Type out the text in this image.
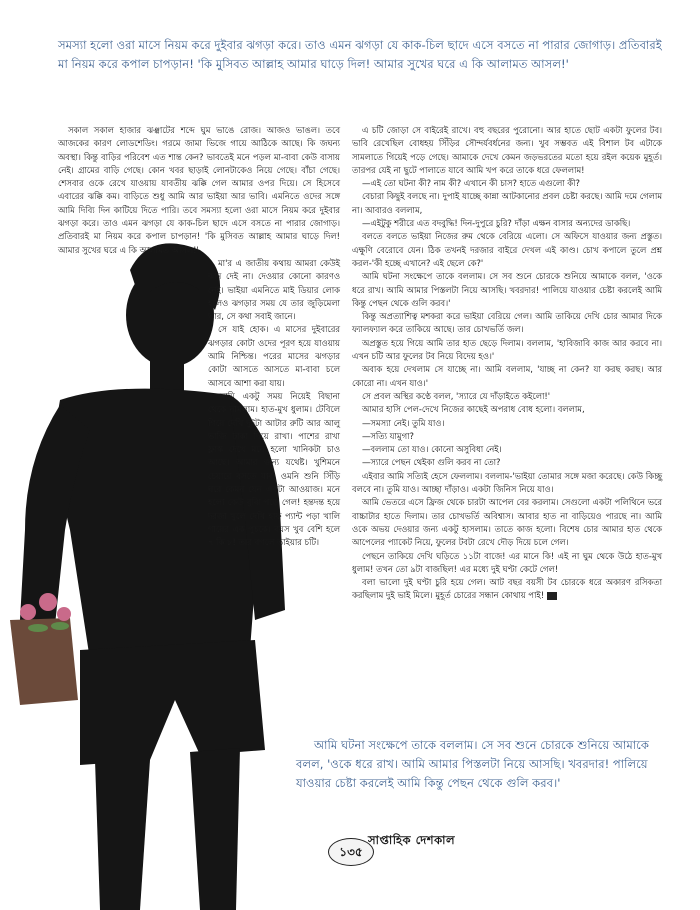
সমস্যা হলো ওরা মাসে নিয়ম করে দুইবার ঝগড়া করে। তাও এমন ঝগড়া যে কাক-চিল ছাদে এসে বসতে না পারার জোগাড়। প্রতিবারই মা নিয়ম করে কপাল চাপড়ান! 'কি মুসিবত আল্লাহ আমার ঘাড়ে দিল! আমার সুখের ঘরে এ কি আলামত আসল!'

সকাল সকাল হাজার ঝঞ্ঝাটের শব্দে ঘুম ভাঙে রোজ। আজও ভাঙল। তবে আজকের কারণ লোডশেডিং। গরমে জামা ভিজে গায়ে আঠিকে আছে। কি জঘন্য অবস্থা। কিন্তু বাড়ির পরিবেশ এত শান্ত কেন? ভাবতেই মনে পড়ল মা-বাবা কেউ বাসায় নেই। গ্রামের বাড়ি গেছে। কোন খবর ছাড়াই লোনটাকেও নিয়ে গেছে। বাঁচা গেছে। শেসবার ওকে রেখে যাওয়ায় যাবতীয় ঝক্কি গেল আমার ওপর দিয়ে। সে হিসেবে এবারের ঝক্কি কম। বাড়িতে শুধু আমি আর ভাইয়া আর ভাবি। এমনিতে ওদের সঙ্গে আমি দিব্যি দিন কাটিয়ে দিতে পারি। তবে সমস্যা হলো ওরা মাসে নিয়ম করে দুইবার ঝগড়া করে। তাও এমন ঝগড়া যে কাক-চিল ছাদে এসে বসতে না পারার জোগাড়। প্রতিবারই মা নিয়ম করে কপাল চাপড়ান! 'কি মুসিবত আল্লাহ আমার ঘাড়ে দিল! আমার সুখের ঘরে এ কি আলামত আসল!'

মা'র এ জাতীয় কথায় আমরা কেউই কান দেই না। দেওয়ার কোনো কারণও নেই। ভাইয়া এমনিতে মাই ডিয়ার লোক হলেও ঝগড়ার সময় যে তার জুড়িমেলা ভার, সে কথা সবাই জানে।

সে যাই হোক। এ মাসের দুইবারের ঝগড়ার কোটা ওদের পূরণ হয়ে যাওয়ায় আমি নিশ্চিন্ত। পরের মাসের ঝগড়ার কোটা আসতে আসতে মা-বাবা চলে আসবে আশা করা যায়।

আমি একটু সময় নিয়েই বিছানা থেকে নামলাম। হাত-মুখ ধুলাম। টেবিলে গিয়ে দেখি দুইটা আটার রুটি আর আলু ভাজি ঢাকা দিয়ে রাখা। পাশের রাখা ফ্লাস্ক দেখে মনে হলো খানিকটা চাও আছে। আমার জন্য যথেষ্ট। খুশিমনে চেয়ারে বসতে যাব, ওমনি শুনি সিঁড়ি ঘরে কেমন যেন একটা আওয়াজ। মনে হলো কেউ বুঝি পড়ে গেল! হন্তদন্ত হয়ে দরজা খুলে দেখি হাফ প্যান্ট পড়া খালি গায়ের এক পুচকে। বয়স খুব বেশি হলে ৭ কি ৮! তার বগলে ভাইয়ার চটি।

এ চটি জোড়া সে বাইরেই রাখে। বহু বছরের পুরোনো। আর হাতে ছোট একটা ফুলের টব। ভাবি রেখেছিল বোধহয় সিঁড়ির সৌন্দর্যবর্ধনের জন্য। খুব সম্ভবত এই বিশাল টব এটাকে সামলাতে গিয়েই পড়ে গেছে। আমাকে দেখে কেমন জড়ভরতের মতো হয়ে রইল কয়েক মুহূর্ত। তারপর যেই না ছুটে পালাতে যাবে আমি খপ করে তাকে ধরে ফেললাম!

—এই তো ঘটনা কী? নাম কী? এখানে কী চাস? হাতে এগুলো কী?

বেচারা কিছুই বলছে না। দুপাই যাচ্ছে কান্না আটকানোর প্রবল চেষ্টা করছে। আমি দমে গেলাম না। আবারও বললাম,

—এইটুকু শরীরে এত বদবুদ্ধি! দিন-দুপুরে চুরি? দাঁড়া এক্ষন বাসার অন্যদের ডাকছি।

বলতে বলতে ভাইয়া নিজের রুম থেকে বেরিয়ে এলো। সে অফিসে যাওয়ার জন্য প্রস্তুত। এক্ষুণি বেরোবে যেন। ঠিক তখনই দরজার বাইরে দেখল এই কাণ্ড। চোখ কপালে তুলে প্রশ্ন করল-'কী হচ্ছে এখানে? এই ছেলে কে?'

আমি ঘটনা সংক্ষেপে তাকে বললাম। সে সব শুনে চোরকে শুনিয়ে আমাকে বলল, 'ওকে ধরে রাখ। আমি আমার পিস্তলটা নিয়ে আসছি। খবরদার! পালিয়ে যাওয়ার চেষ্টা করলেই আমি কিন্তু পেছন থেকে গুলি করব।'

কিন্তু অপ্রত্যাশিত্ব মশকরা করে ভাইয়া বেরিয়ে গেল। আমি তাকিয়ে দেখি চোর আমার দিকে ফ্যালফ্যাল করে তাকিয়ে আছে। তার চোখভর্তি জল।

অপ্রস্তুত হয়ে গিয়ে আমি তার হাত ছেড়ে দিলাম। বললাম, 'হাবিজাবি কাজ আর করবে না। এখন চটি আর ফুলের টব নিয়ে বিদেয় হও।'

অবাক হয়ে দেখলাম সে যাচ্ছে না। আমি বললাম, 'যাচ্ছ না কেন? যা করছ করছ। আর কোরো না। এখন যাও।'

সে প্রবল অস্থির কণ্ঠে বলল, 'স্যারে যে দাঁড়াইতে কইলো!'

আমার হাসি পেল-দেখে নিজের কাছেই অপরাধ বোধ হলো। বললাম,

—সমস্যা নেই। তুমি যাও।

—সত্যি যামুগা?

—বললাম তো যাও। কোনো অসুবিধা নেই।

—স্যারে পেছন থেইকা গুলি করব না তো?

এইবার আমি সত্যিই হেসে ফেললাম। বললাম-'ভাইয়া তোমার সঙ্গে মজা করেছে। কেউ কিচ্ছু বলবে না। তুমি যাও। আচ্ছা দাঁড়াও। একটা জিনিস নিয়ে যাও।

আমি ভেতরে এসে ফ্রিজ থেকে চারটা আপেল বের করলাম। সেগুলো একটা পলিথিনে ভরে বাচ্চাটার হাতে দিলাম। তার চোখভর্তি অবিশ্বাস। আবার হাত না বাড়িয়েও পারছে না। আমি ওকে অভয় দেওয়ার জন্য একটু হাসলাম। তাতে কাজ হলো। বিশেষ চোর আমার হাত থেকে আপেলের প্যাকেট নিয়ে, ফুলের টবটা রেখে দৌড় দিয়ে চলে গেল।

পেছনে তাকিয়ে দেখি ঘড়িতে ১১টা বাজে! এর মানে কি! এই না ঘুম থেকে উঠে হাত-মুখ ধুলাম! তখন তো ৯টা বাজছিল! এর মধ্যে দুই ঘণ্টা কেটে গেল!

বলা ভালো দুই ঘণ্টা চুরি হয়ে গেল। আট বছর বয়সী টব চোরকে ধরে অকারণ রসিকতা করছিলাম দুই ভাই মিলে। মুহূর্ত চোরের সন্ধান কোথায় পাই!

আমি ঘটনা সংক্ষেপে তাকে বললাম। সে সব শুনে চোরকে শুনিয়ে আমাকে বলল, 'ওকে ধরে রাখ। আমি আমার পিস্তলটা নিয়ে আসছি। খবরদার! পালিয়ে যাওয়ার চেষ্টা করলেই আমি কিন্তু পেছন থেকে গুলি করব।'
১৩৫
সাপ্তাহিক দেশকাল
